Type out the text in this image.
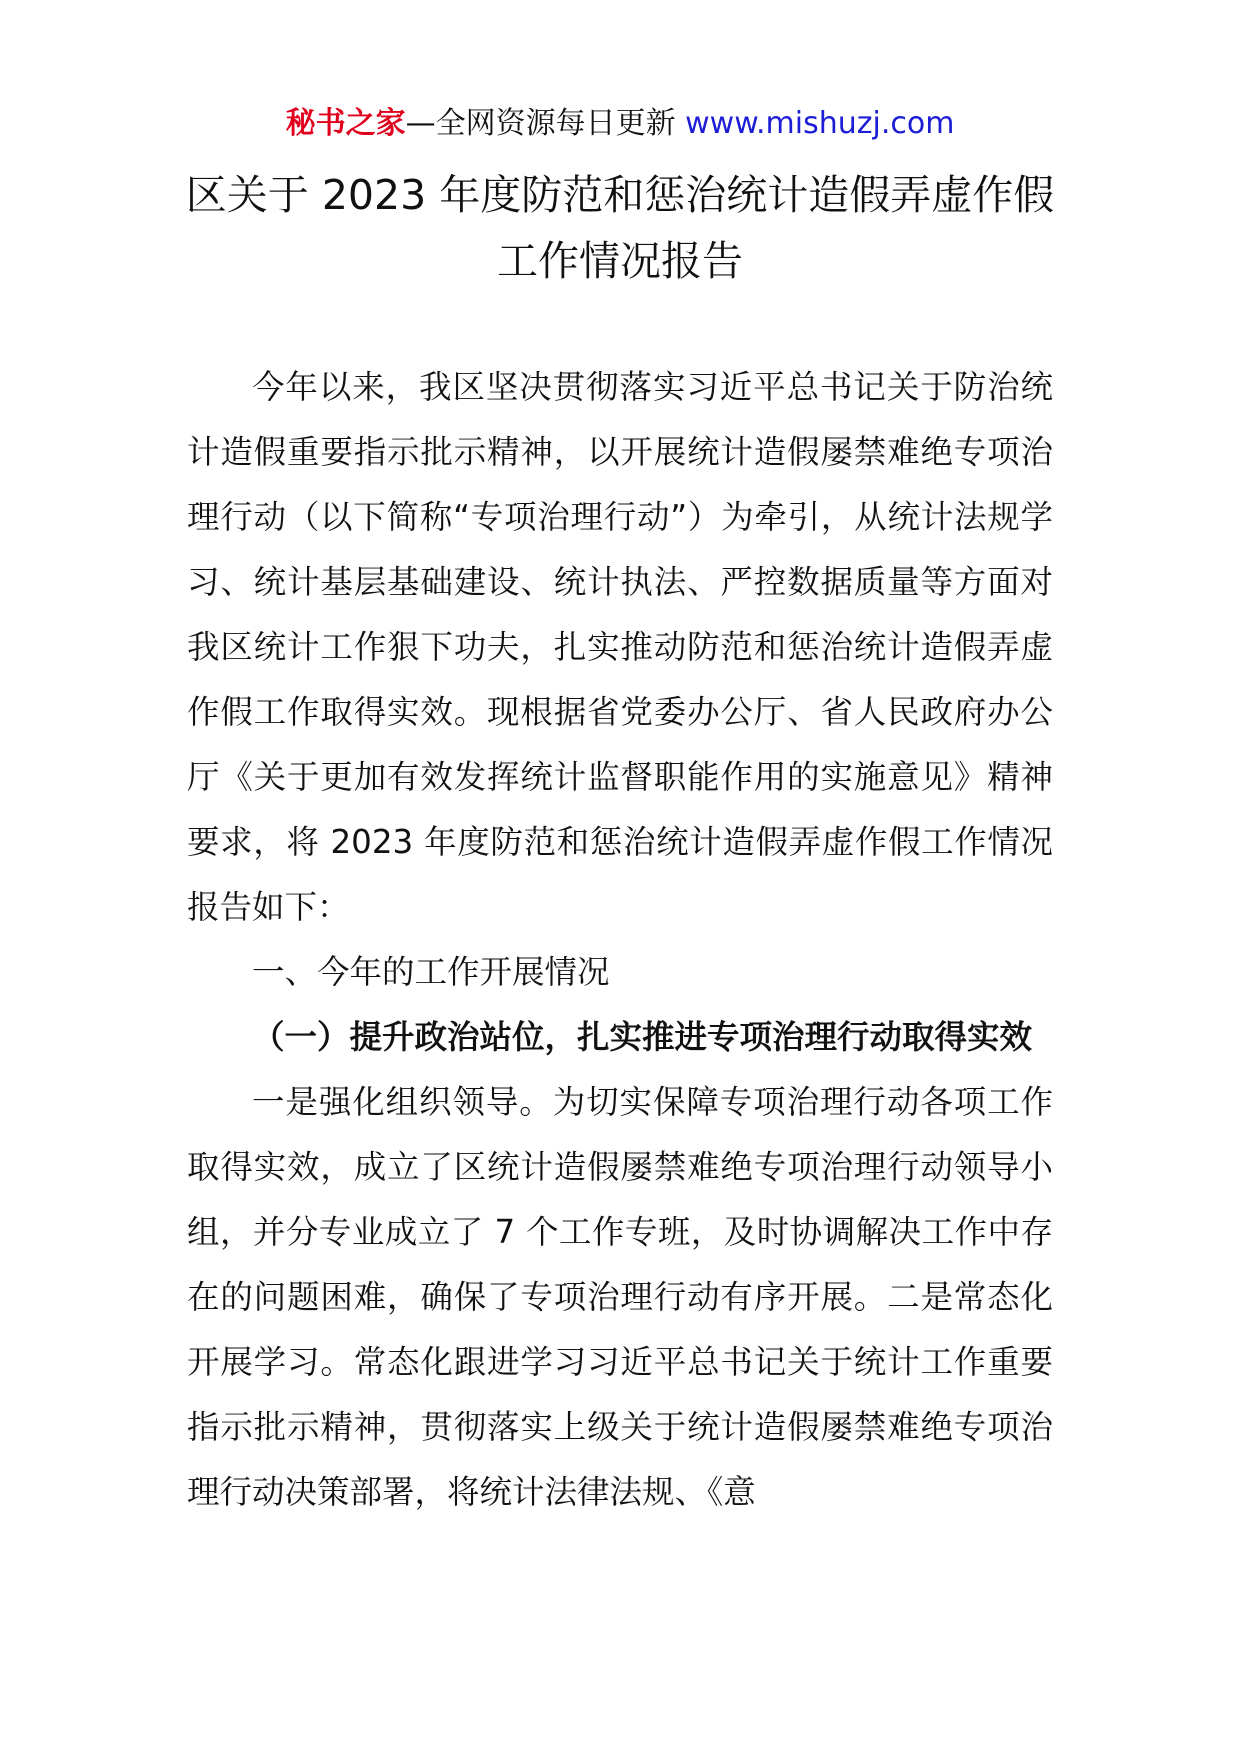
秘书之家—全网资源每日更新 www.mishuzj.com
区关于 2023 年度防范和惩治统计造假弄虚作假
工作情况报告

今年以来，我区坚决贯彻落实习近平总书记关于防治统计造假重要指示批示精神，以开展统计造假屡禁难绝专项治理行动（以下简称“专项治理行动”）为牵引，从统计法规学习、统计基层基础建设、统计执法、严控数据质量等方面对我区统计工作狠下功夫，扎实推动防范和惩治统计造假弄虚作假工作取得实效。现根据省党委办公厅、省人民政府办公厅《关于更加有效发挥统计监督职能作用的实施意见》精神要求，将 2023 年度防范和惩治统计造假弄虚作假工作情况报告如下：

一、今年的工作开展情况

（一）提升政治站位，扎实推进专项治理行动取得实效

一是强化组织领导。为切实保障专项治理行动各项工作取得实效，成立了区统计造假屡禁难绝专项治理行动领导小组，并分专业成立了 7 个工作专班，及时协调解决工作中存在的问题困难，确保了专项治理行动有序开展。二是常态化开展学习。常态化跟进学习习近平总书记关于统计工作重要指示批示精神，贯彻落实上级关于统计造假屡禁难绝专项治理行动决策部署，将统计法律法规、《意
